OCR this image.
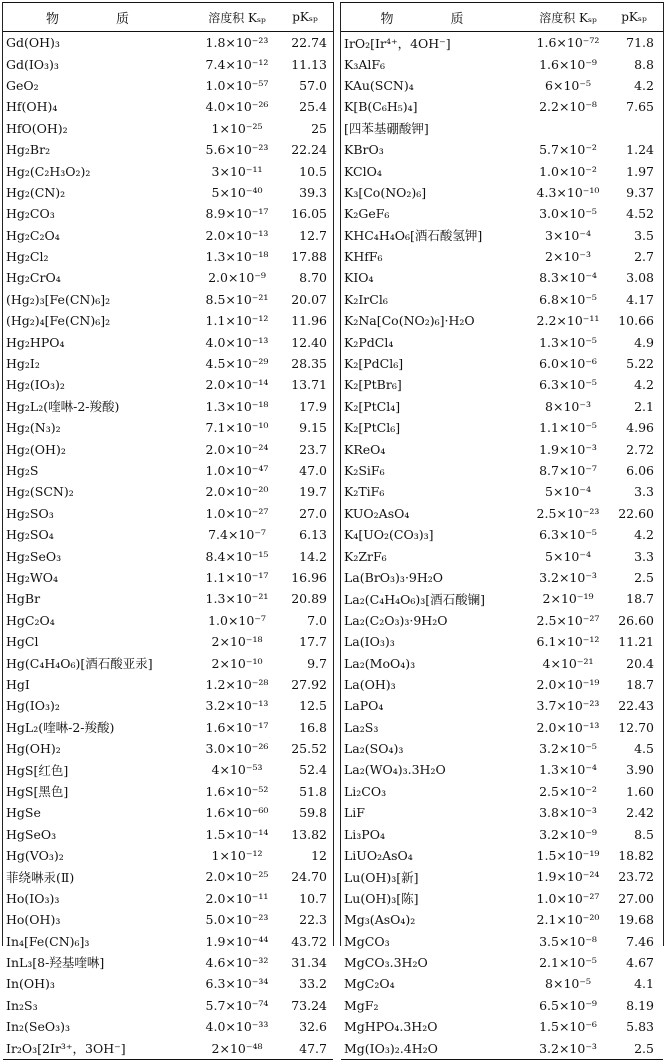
物　质	溶度积 Kₛₚ	pKₛₚ
Gd(OH)₃	1.8×10⁻²³	22.74
Gd(IO₃)₃	7.4×10⁻¹²	11.13
GeO₂	1.0×10⁻⁵⁷	57.0
Hf(OH)₄	4.0×10⁻²⁶	25.4
HfO(OH)₂	1×10⁻²⁵	25
Hg₂Br₂	5.6×10⁻²³	22.24
Hg₂(C₂H₃O₂)₂	3×10⁻¹¹	10.5
Hg₂(CN)₂	5×10⁻⁴⁰	39.3
Hg₂CO₃	8.9×10⁻¹⁷	16.05
Hg₂C₂O₄	2.0×10⁻¹³	12.7
Hg₂Cl₂	1.3×10⁻¹⁸	17.88
Hg₂CrO₄	2.0×10⁻⁹	8.70
(Hg₂)₃[Fe(CN)₆]₂	8.5×10⁻²¹	20.07
(Hg₂)₄[Fe(CN)₆]₂	1.1×10⁻¹²	11.96
Hg₂HPO₄	4.0×10⁻¹³	12.40
Hg₂I₂	4.5×10⁻²⁹	28.35
Hg₂(IO₃)₂	2.0×10⁻¹⁴	13.71
Hg₂L₂(喹啉-2-羧酸)	1.3×10⁻¹⁸	17.9
Hg₂(N₃)₂	7.1×10⁻¹⁰	9.15
Hg₂(OH)₂	2.0×10⁻²⁴	23.7
Hg₂S	1.0×10⁻⁴⁷	47.0
Hg₂(SCN)₂	2.0×10⁻²⁰	19.7
Hg₂SO₃	1.0×10⁻²⁷	27.0
Hg₂SO₄	7.4×10⁻⁷	6.13
Hg₂SeO₃	8.4×10⁻¹⁵	14.2
Hg₂WO₄	1.1×10⁻¹⁷	16.96
HgBr	1.3×10⁻²¹	20.89
HgC₂O₄	1.0×10⁻⁷	7.0
HgCl	2×10⁻¹⁸	17.7
Hg(C₄H₄O₆)[酒石酸亚汞]	2×10⁻¹⁰	9.7
HgI	1.2×10⁻²⁸	27.92
Hg(IO₃)₂	3.2×10⁻¹³	12.5
HgL₂(喹啉-2-羧酸)	1.6×10⁻¹⁷	16.8
Hg(OH)₂	3.0×10⁻²⁶	25.52
HgS[红色]	4×10⁻⁵³	52.4
HgS[黑色]	1.6×10⁻⁵²	51.8
HgSe	1.6×10⁻⁶⁰	59.8
HgSeO₃	1.5×10⁻¹⁴	13.82
Hg(VO₃)₂	1×10⁻¹²	12
菲绕啉汞(Ⅱ)	2.0×10⁻²⁵	24.70
Ho(IO₃)₃	2.0×10⁻¹¹	10.7
Ho(OH)₃	5.0×10⁻²³	22.3
In₄[Fe(CN)₆]₃	1.9×10⁻⁴⁴	43.72
InL₃[8-羟基喹啉]	4.6×10⁻³²	31.34
In(OH)₃	6.3×10⁻³⁴	33.2
In₂S₃	5.7×10⁻⁷⁴	73.24
In₂(SeO₃)₃	4.0×10⁻³³	32.6
Ir₂O₃[2Ir³⁺，3OH⁻]	2×10⁻⁴⁸	47.7
物　质	溶度积 Kₛₚ	pKₛₚ
IrO₂[Ir⁴⁺，4OH⁻]	1.6×10⁻⁷²	71.8
K₃AlF₆	1.6×10⁻⁹	8.8
KAu(SCN)₄	6×10⁻⁵	4.2
K[B(C₆H₅)₄]	2.2×10⁻⁸	7.65
[四苯基硼酸钾]
KBrO₃	5.7×10⁻²	1.24
KClO₄	1.0×10⁻²	1.97
K₃[Co(NO₂)₆]	4.3×10⁻¹⁰	9.37
K₂GeF₆	3.0×10⁻⁵	4.52
KHC₄H₄O₆[酒石酸氢钾]	3×10⁻⁴	3.5
KHfF₆	2×10⁻³	2.7
KIO₄	8.3×10⁻⁴	3.08
K₂IrCl₆	6.8×10⁻⁵	4.17
K₂Na[Co(NO₂)₆]·H₂O	2.2×10⁻¹¹	10.66
K₂PdCl₄	1.3×10⁻⁵	4.9
K₂[PdCl₆]	6.0×10⁻⁶	5.22
K₂[PtBr₆]	6.3×10⁻⁵	4.2
K₂[PtCl₄]	8×10⁻³	2.1
K₂[PtCl₆]	1.1×10⁻⁵	4.96
KReO₄	1.9×10⁻³	2.72
K₂SiF₆	8.7×10⁻⁷	6.06
K₂TiF₆	5×10⁻⁴	3.3
KUO₂AsO₄	2.5×10⁻²³	22.60
K₄[UO₂(CO₃)₃]	6.3×10⁻⁵	4.2
K₂ZrF₆	5×10⁻⁴	3.3
La(BrO₃)₃·9H₂O	3.2×10⁻³	2.5
La₂(C₄H₄O₆)₃[酒石酸镧]	2×10⁻¹⁹	18.7
La₂(C₂O₃)₃·9H₂O	2.5×10⁻²⁷	26.60
La(IO₃)₃	6.1×10⁻¹²	11.21
La₂(MoO₄)₃	4×10⁻²¹	20.4
La(OH)₃	2.0×10⁻¹⁹	18.7
LaPO₄	3.7×10⁻²³	22.43
La₂S₃	2.0×10⁻¹³	12.70
La₂(SO₄)₃	3.2×10⁻⁵	4.5
La₂(WO₄)₃.3H₂O	1.3×10⁻⁴	3.90
Li₂CO₃	2.5×10⁻²	1.60
LiF	3.8×10⁻³	2.42
Li₃PO₄	3.2×10⁻⁹	8.5
LiUO₂AsO₄	1.5×10⁻¹⁹	18.82
Lu(OH)₃[新]	1.9×10⁻²⁴	23.72
Lu(OH)₃[陈]	1.0×10⁻²⁷	27.00
Mg₃(AsO₄)₂	2.1×10⁻²⁰	19.68
MgCO₃	3.5×10⁻⁸	7.46
MgCO₃.3H₂O	2.1×10⁻⁵	4.67
MgC₂O₄	8×10⁻⁵	4.1
MgF₂	6.5×10⁻⁹	8.19
MgHPO₄.3H₂O	1.5×10⁻⁶	5.83
Mg(IO₃)₂.4H₂O	3.2×10⁻³	2.5
